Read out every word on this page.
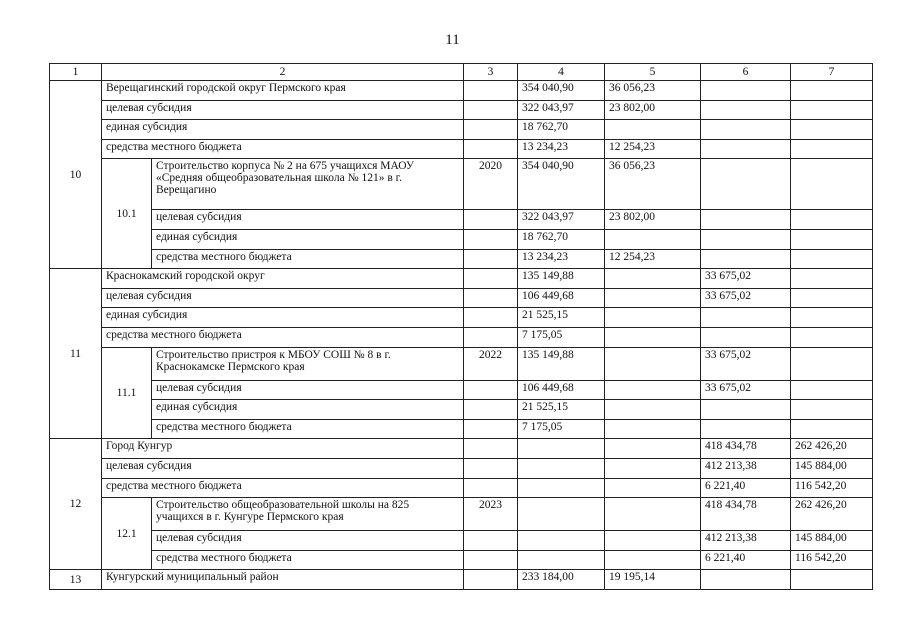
11
1	2		3	4	5	6	7
10	Верещагинский городской округ Пермского края			354 040,90	36 056,23		
	целевая субсидия			322 043,97	23 802,00		
	единая субсидия			18 762,70			
	средства местного бюджета			13 234,23	12 254,23		
	10.1	Строительство корпуса № 2 на 675 учащихся МАОУ «Средняя общеобразовательная школа № 121» в г. Верещагино	2020	354 040,90	36 056,23		
		целевая субсидия		322 043,97	23 802,00		
		единая субсидия		18 762,70			
		средства местного бюджета		13 234,23	12 254,23		
11	Краснокамский городской округ			135 149,88		33 675,02	
	целевая субсидия			106 449,68		33 675,02	
	единая субсидия			21 525,15			
	средства местного бюджета			7 175,05			
	11.1	Строительство пристроя к МБОУ СОШ № 8 в г. Краснокамске Пермского края	2022	135 149,88		33 675,02	
		целевая субсидия		106 449,68		33 675,02	
		единая субсидия		21 525,15			
		средства местного бюджета		7 175,05			
12	Город Кунгур					418 434,78	262 426,20
	целевая субсидия					412 213,38	145 884,00
	средства местного бюджета					6 221,40	116 542,20
	12.1	Строительство общеобразовательной школы на 825 учащихся в г. Кунгуре Пермского края	2023			418 434,78	262 426,20
		целевая субсидия				412 213,38	145 884,00
		средства местного бюджета				6 221,40	116 542,20
13	Кунгурский муниципальный район			233 184,00	19 195,14		
